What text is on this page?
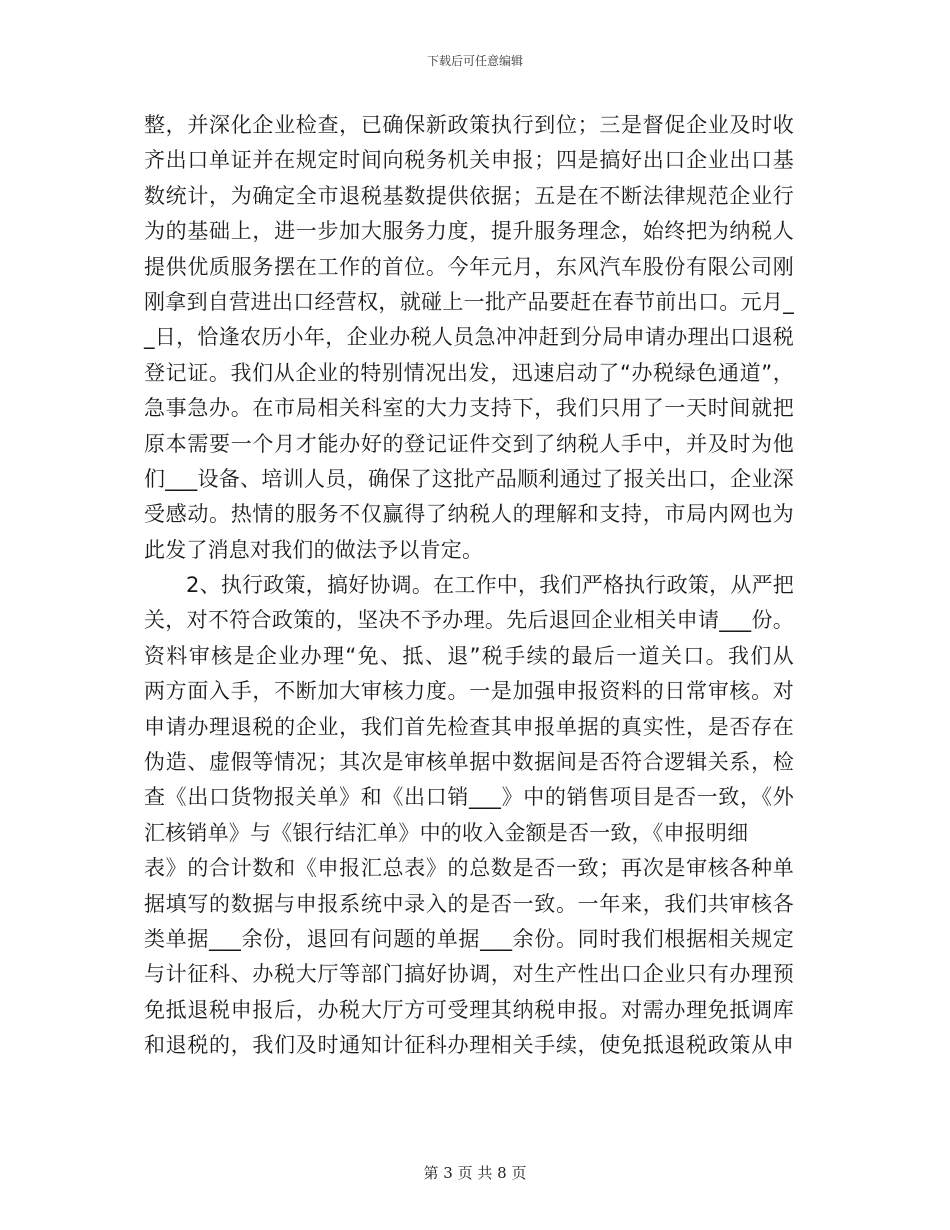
下载后可任意编辑
整，并深化企业检查，已确保新政策执行到位；三是督促企业及时收
齐出口单证并在规定时间向税务机关申报；四是搞好出口企业出口基
数统计，为确定全市退税基数提供依据；五是在不断法律规范企业行
为的基础上，进一步加大服务力度，提升服务理念，始终把为纳税人
提供优质服务摆在工作的首位。今年元月，东风汽车股份有限公司刚
刚拿到自营进出口经营权，就碰上一批产品要赶在春节前出口。元月_
_日，恰逢农历小年，企业办税人员急冲冲赶到分局申请办理出口退税
登记证。我们从企业的特别情况出发，迅速启动了“办税绿色通道”，
急事急办。在市局相关科室的大力支持下，我们只用了一天时间就把
原本需要一个月才能办好的登记证件交到了纳税人手中，并及时为他
们___设备、培训人员，确保了这批产品顺利通过了报关出口，企业深
受感动。热情的服务不仅赢得了纳税人的理解和支持，市局内网也为
此发了消息对我们的做法予以肯定。
2、执行政策，搞好协调。在工作中，我们严格执行政策，从严把
关，对不符合政策的，坚决不予办理。先后退回企业相关申请___份。
资料审核是企业办理“免、抵、退”税手续的最后一道关口。我们从
两方面入手，不断加大审核力度。一是加强申报资料的日常审核。对
申请办理退税的企业，我们首先检查其申报单据的真实性，是否存在
伪造、虚假等情况；其次是审核单据中数据间是否符合逻辑关系，检
查《出口货物报关单》和《出口销___》中的销售项目是否一致，《外
汇核销单》与《银行结汇单》中的收入金额是否一致，《申报明细
表》的合计数和《申报汇总表》的总数是否一致；再次是审核各种单
据填写的数据与申报系统中录入的是否一致。一年来，我们共审核各
类单据___余份，退回有问题的单据___余份。同时我们根据相关规定
与计征科、办税大厅等部门搞好协调，对生产性出口企业只有办理预
免抵退税申报后，办税大厅方可受理其纳税申报。对需办理免抵调库
和退税的，我们及时通知计征科办理相关手续，使免抵退税政策从申
第 3 页 共 8 页
